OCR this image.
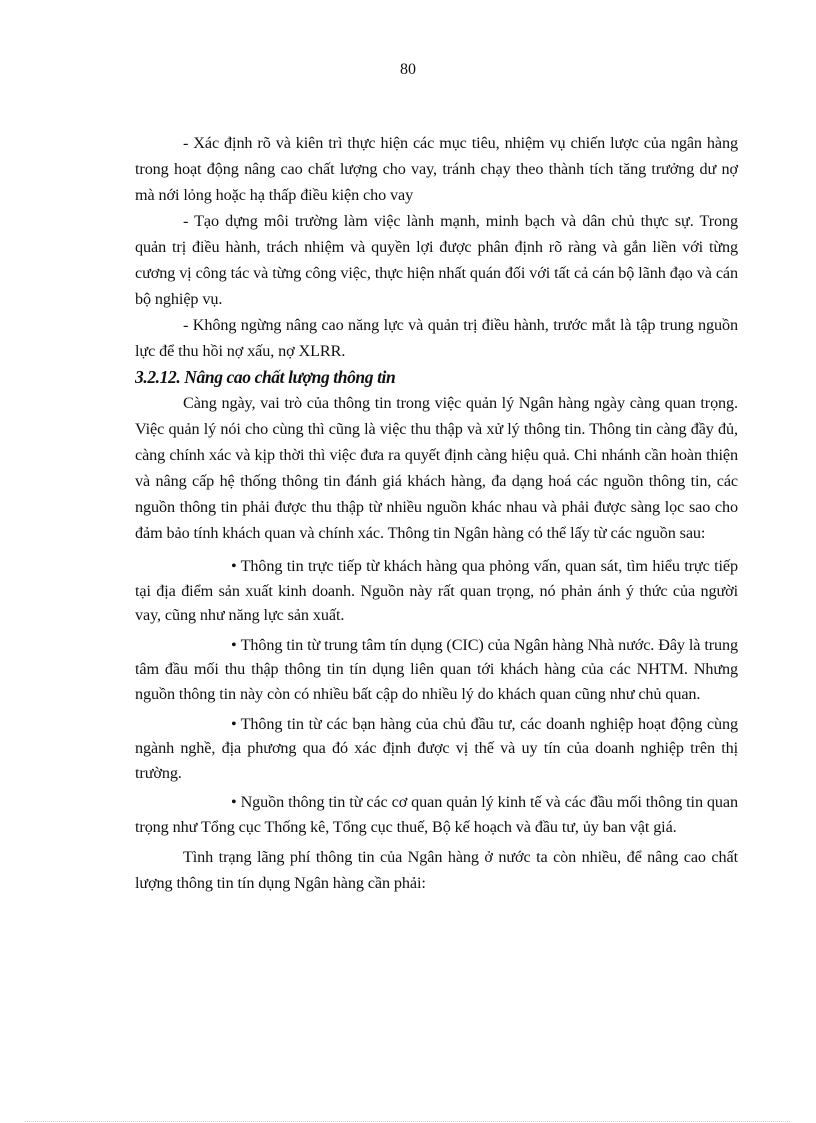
80

- Xác định rõ và kiên trì thực hiện các mục tiêu, nhiệm vụ chiến lược của ngân hàng trong hoạt động nâng cao chất lượng cho vay, tránh chạy theo thành tích tăng trưởng dư nợ mà nới lỏng hoặc hạ thấp điều kiện cho vay

- Tạo dựng môi trường làm việc lành mạnh, minh bạch và dân chủ thực sự. Trong quản trị điều hành, trách nhiệm và quyền lợi được phân định rõ ràng và gắn liền với từng cương vị công tác và từng công việc, thực hiện nhất quán đối với tất cả cán bộ lãnh đạo và cán bộ nghiệp vụ.

- Không ngừng nâng cao năng lực và quản trị điều hành, trước mắt là tập trung nguồn lực để thu hồi nợ xấu, nợ XLRR.

3.2.12. Nâng cao chất lượng thông tin

Càng ngày, vai trò của thông tin trong việc quản lý Ngân hàng ngày càng quan trọng. Việc quản lý nói cho cùng thì cũng là việc thu thập và xử lý thông tin. Thông tin càng đầy đủ, càng chính xác và kịp thời thì việc đưa ra quyết định càng hiệu quả. Chi nhánh cần hoàn thiện và nâng cấp hệ thống thông tin đánh giá khách hàng, đa dạng hoá các nguồn thông tin, các nguồn thông tin phải được thu thập từ nhiều nguồn khác nhau và phải được sàng lọc sao cho đảm bảo tính khách quan và chính xác. Thông tin Ngân hàng có thể lấy từ các nguồn sau:

• Thông tin trực tiếp từ khách hàng qua phỏng vấn, quan sát, tìm hiểu trực tiếp tại địa điểm sản xuất kinh doanh. Nguồn này rất quan trọng, nó phản ánh ý thức của người vay, cũng như năng lực sản xuất.

• Thông tin từ trung tâm tín dụng (CIC) của Ngân hàng Nhà nước. Đây là trung tâm đầu mối thu thập thông tin tín dụng liên quan tới khách hàng của các NHTM. Nhưng nguồn thông tin này còn có nhiều bất cập do nhiều lý do khách quan cũng như chủ quan.

• Thông tin từ các bạn hàng của chủ đầu tư, các doanh nghiệp hoạt động cùng ngành nghề, địa phương qua đó xác định được vị thế và uy tín của doanh nghiệp trên thị trường.

• Nguồn thông tin từ các cơ quan quản lý kinh tế và các đầu mối thông tin quan trọng như Tổng cục Thống kê, Tổng cục thuế, Bộ kế hoạch và đầu tư, ủy ban vật giá.

Tình trạng lãng phí thông tin của Ngân hàng ở nước ta còn nhiều, để nâng cao chất lượng thông tin tín dụng Ngân hàng cần phải:
